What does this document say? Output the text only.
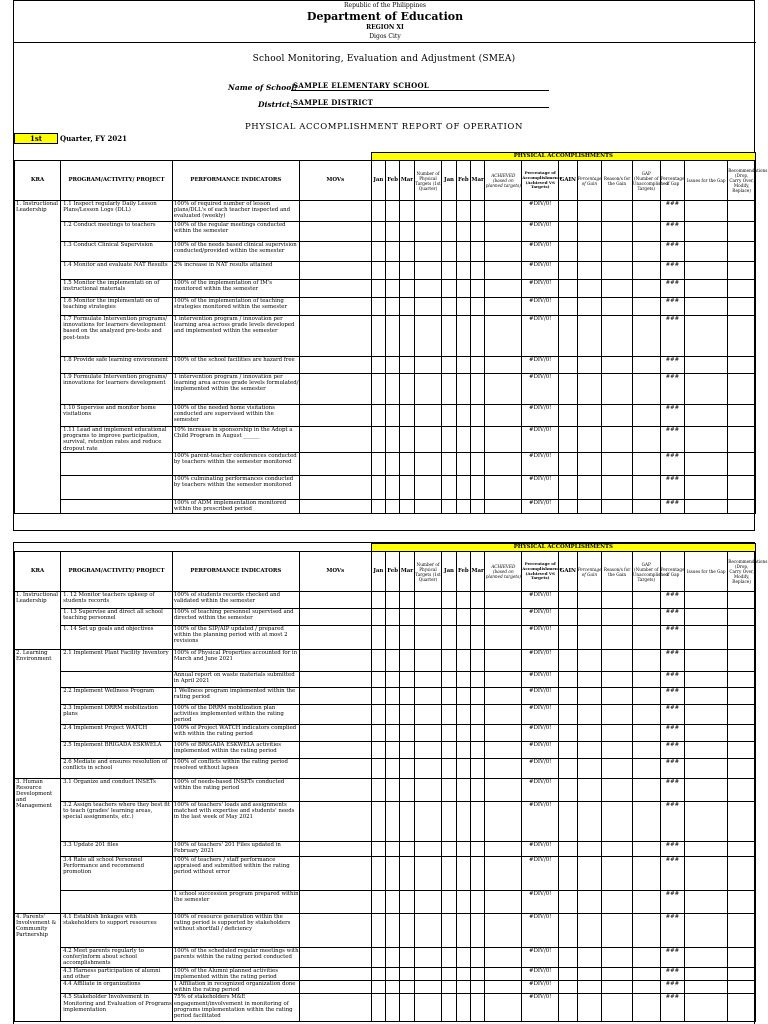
Republic of the Philippines
Department of Education
REGION XI
Digos City
School Monitoring, Evaluation and Adjustment (SMEA)
Name of School:
SAMPLE ELEMENTARY SCHOOL
District: SAMPLE DISTRICT
PHYSICAL ACCOMPLISHMENT REPORT OF OPERATION
1st	Quarter, FY 2021
				PHYSICAL ACCOMPLISHMENTS															
KRA	PROGRAM/ACTIVITY/ PROJECT	PERFORMANCE INDICATORS	MOVs	Jan	Feb	Mar	Number of Physical Targets (1st Quarter)	Jan	Feb	Mar	ACHIEVED (based on planned targets)	Percentage of Accomplishments (Achieved VS Targets)	GAIN	Percentage of Gain	Reason/s for the Gain	GAP (Number of Unaccomplished Targets)	Percentage of Gap	Issues for the Gap	Recommendations (Drop, Carry Over, Modify, Replace)
1. Instructional Leadership	1.1 Inspect regularly Daily Lesson Plans/Lesson Logs (DLL)	100% of required number of lesson plans/DLL's of each teacher inspected and evaluated (weekly)										#DIV/0!					###		
	1.2 Conduct meetings to teachers	100% of the regular meetings conducted within the semester										#DIV/0!					###		
	1.3 Conduct Clinical Supervision	100% of the needs based clinical supervision conducted/provided within the semester										#DIV/0!					###		
	1.4 Monitor and evaluate NAT Results	2% increase in NAT results attained										#DIV/0!					###		
	1.5 Monitor the implementati on of instructional materials	100% of the implementation of IM's monitored within the semester										#DIV/0!					###		
	1.6 Monitor the implementati on of teaching strategies	100% of the implementation of teaching strategies monitored within the semester										#DIV/0!					###		
	1.7 Formulate Intervention programs/ innovations for learners development based on the analyzed pre-tests and post-tests	1 intervention program / innovation per learning area across grade levels developed and implemented within the semester										#DIV/0!					###		
	1.8 Provide safe learning environment	100% of the school facilities are hazard free										#DIV/0!					###		
	1.9 Formulate Intervention programs/ innovations for learners development	1 intervention program / innovation per learning area across grade levels formulated/ implemented within the semester										#DIV/0!					###		
	1.10 Supervise and monitor home visitations	100% of the needed home visitations conducted are supervised within the semester										#DIV/0!					###		
	1.11 Lead and implement educational programs to improve participation, survival, retention rates and reduce dropout rate	10% increase in sponsorship in the Adopt a Child Program in August ______										#DIV/0!					###		
		100% parent-teacher conferences conducted by teachers within the semester monitored										#DIV/0!					###		
		100% culminating performances conducted by teachers within the semester monitored										#DIV/0!					###		
		100% of ADM implementation monitored within the prescribed period										#DIV/0!					###		
				PHYSICAL ACCOMPLISHMENTS															
KRA	PROGRAM/ACTIVITY/ PROJECT	PERFORMANCE INDICATORS	MOVs	Jan	Feb	Mar	Number of Physical Targets (1st Quarter)	Jan	Feb	Mar	ACHIEVED (based on planned targets)	Percentage of Accomplishments (Achieved VS Targets)	GAIN	Percentage of Gain	Reason/s for the Gain	GAP (Number of Unaccomplished Targets)	Percentage of Gap	Issues for the Gap	Recommendations (Drop, Carry Over, Modify, Replace)
1. Instructional Leadership	1. 12 Monitor teachers upkeep of students records	100% of students records checked and validated within the semester										#DIV/0!					###		
	1. 13 Supervise and direct all school teaching personnel	100% of teaching personnel supervised and directed within the semester										#DIV/0!					###		
	1. 14 Set up goals and objectives	100% of the SIP/AIP updated / prepared within the planning period with at most 2 revisions										#DIV/0!					###		
2. Learning Environment	2.1 Implement Plant Facility Inventory	100% of Physical Properties accounted for in March and June 2021										#DIV/0!					###		
		Annual report on waste materials submitted in April 2021										#DIV/0!					###		
	2.2 Implement Wellness Program	1 Wellness program implemented within the rating period										#DIV/0!					###		
	2.3 Implement DRRM mobilization plans	100% of the DRRM mobilization plan activities implemented within the rating period										#DIV/0!					###		
	2.4 Implement Project WATCH	100% of Project WATCH indicators complied with within the rating period										#DIV/0!					###		
	2.5 Implement BRIGADA ESKWELA	100% of BRIGADA ESKWELA activities implemented within the rating period										#DIV/0!					###		
	2.6 Mediate and ensures resolution of conflicts in school	100% of conflicts within the rating period resolved without lapses										#DIV/0!					###		
3. Human Resource Development and Management	3.1 Organize and conduct INSETs	100% of needs-based INSETs conducted within the rating period										#DIV/0!					###		
	3.2 Assign teachers where they best fit to teach (grades' learning areas, special assignments, etc.)	100% of teachers' loads and assignments matched with expertise and students' needs in the last week of May 2021										#DIV/0!					###		
	3.3 Update 201 files	100% of teachers' 201 Files updated in February 2021										#DIV/0!					###		
	3.4 Rate all school Personnel Performance and recommend promotion	100% of teachers / staff performance appraised and submitted within the rating period without error										#DIV/0!					###		
		1 school succession program prepared within the semester										#DIV/0!					###		
4. Parents' Involvement & Community Partnership	4.1 Establish linkages with stakeholders to support resources	100% of resource generation within the rating period is supported by stakeholders without shortfall / deficiency										#DIV/0!					###		
	4.2 Meet parents regularly to confer/inform about school accomplishments	100% of the scheduled regular meetings with parents within the rating period conducted										#DIV/0!					###		
	4.3 Harness participation of alumni and other	100% of the Alumni planned activities implemented within the rating period										#DIV/0!					###		
	4.4 Affiliate in organizations	1 Affiliation in recognized organization done within the rating period										#DIV/0!					###		
	4.5 Stakeholder Involvement in Monitoring and Evaluation of Programs implementation	75% of stakeholders M&E engagement/involvement in monitoring of programs implementation within the rating period facilitated										#DIV/0!					###		
